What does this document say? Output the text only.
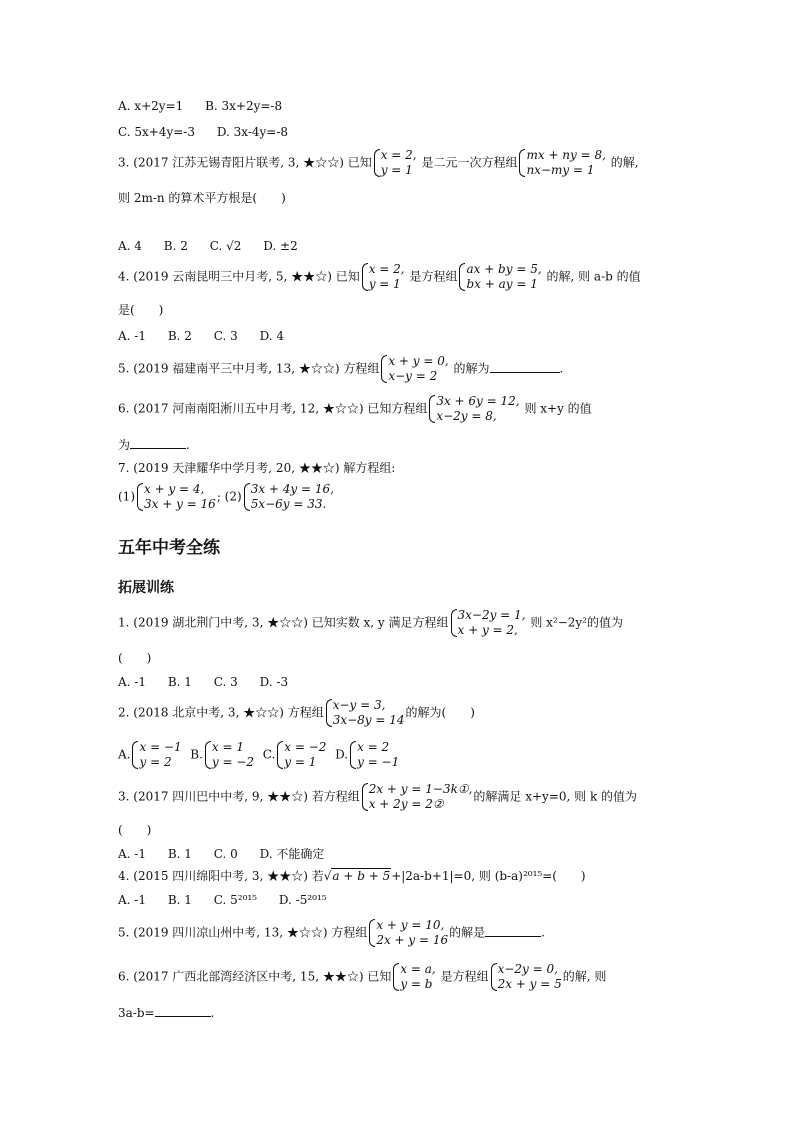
A. x+2y=1 B. 3x+2y=-8
C. 5x+4y=-3 D. 3x-4y=-8
3. (2017 江苏无锡青阳片联考, 3, ★☆☆) 已知
x = 2,
y = 1
是二元一次方程组
mx + ny = 8,
nx−my = 1
的解,
则 2m-n 的算术平方根是(　　)
A. 4 B. 2 C. √2 D. ±2
4. (2019 云南昆明三中月考, 5, ★★☆) 已知
x = 2,
y = 1
是方程组
ax + by = 5,
bx + ay = 1
的解, 则 a-b 的值
是(　　)
A. -1 B. 2 C. 3 D. 4
5. (2019 福建南平三中月考, 13, ★☆☆) 方程组
x + y = 0,
x−y = 2
的解为	.
6. (2017 河南南阳淅川五中月考, 12, ★☆☆) 已知方程组
3x + 6y = 12,
x−2y = 8,
则 x+y 的值
为	.
7. (2019 天津耀华中学月考, 20, ★★☆) 解方程组:
(1)
x + y = 4,
3x + y = 16
; (2)
3x + 4y = 16,
5x−6y = 33.
五年中考全练
拓展训练
1. (2019 湖北荆门中考, 3, ★☆☆) 已知实数 x, y 满足方程组
3x−2y = 1,
x + y = 2,
则 x²−2y²的值为
(　　)
A. -1 B. 1 C. 3 D. -3
2. (2018 北京中考, 3, ★☆☆) 方程组
x−y = 3,
3x−8y = 14
的解为(　　)
A.
x = −1
y = 2
B.
x = 1
y = −2
C.
x = −2
y = 1
D.
x = 2
y = −1
3. (2017 四川巴中中考, 9, ★★☆) 若方程组
2x + y = 1−3k①,
x + 2y = 2②
的解满足 x+y=0, 则 k 的值为
(　　)
A. -1 B. 1 C. 0 D. 不能确定
4. (2015 四川绵阳中考, 3, ★★☆) 若√a + b + 5+|2a-b+1|=0, 则 (b-a)²⁰¹⁵=(　　)
A. -1 B. 1 C. 5²⁰¹⁵ D. -5²⁰¹⁵
5. (2019 四川凉山州中考, 13, ★☆☆) 方程组
x + y = 10,
2x + y = 16
的解是	.
6. (2017 广西北部湾经济区中考, 15, ★★☆) 已知
x = a,
y = b
是方程组
x−2y = 0,
2x + y = 5
的解, 则
3a-b=	.
